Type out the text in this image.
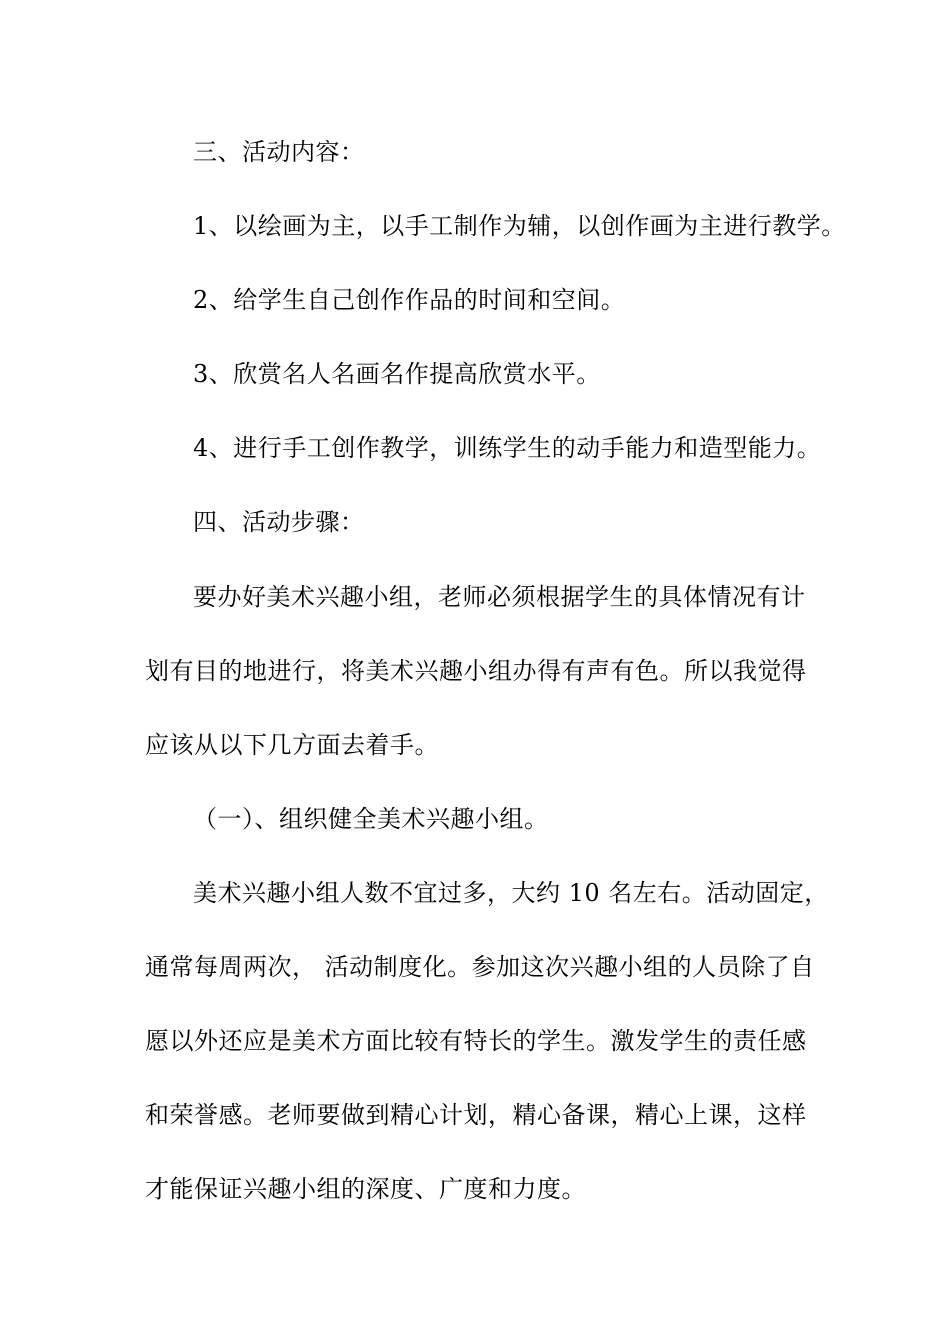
三、活动内容：
1、以绘画为主，以手工制作为辅，以创作画为主进行教学。
2、给学生自己创作作品的时间和空间。
3、欣赏名人名画名作提高欣赏水平。
4、进行手工创作教学，训练学生的动手能力和造型能力。
四、活动步骤：
要办好美术兴趣小组，老师必须根据学生的具体情况有计
划有目的地进行，将美术兴趣小组办得有声有色。所以我觉得
应该从以下几方面去着手。
（一）、组织健全美术兴趣小组。
美术兴趣小组人数不宜过多，大约 10 名左右。活动固定，
通常每周两次， 活动制度化。参加这次兴趣小组的人员除了自
愿以外还应是美术方面比较有特长的学生。激发学生的责任感
和荣誉感。老师要做到精心计划，精心备课，精心上课，这样
才能保证兴趣小组的深度、广度和力度。
